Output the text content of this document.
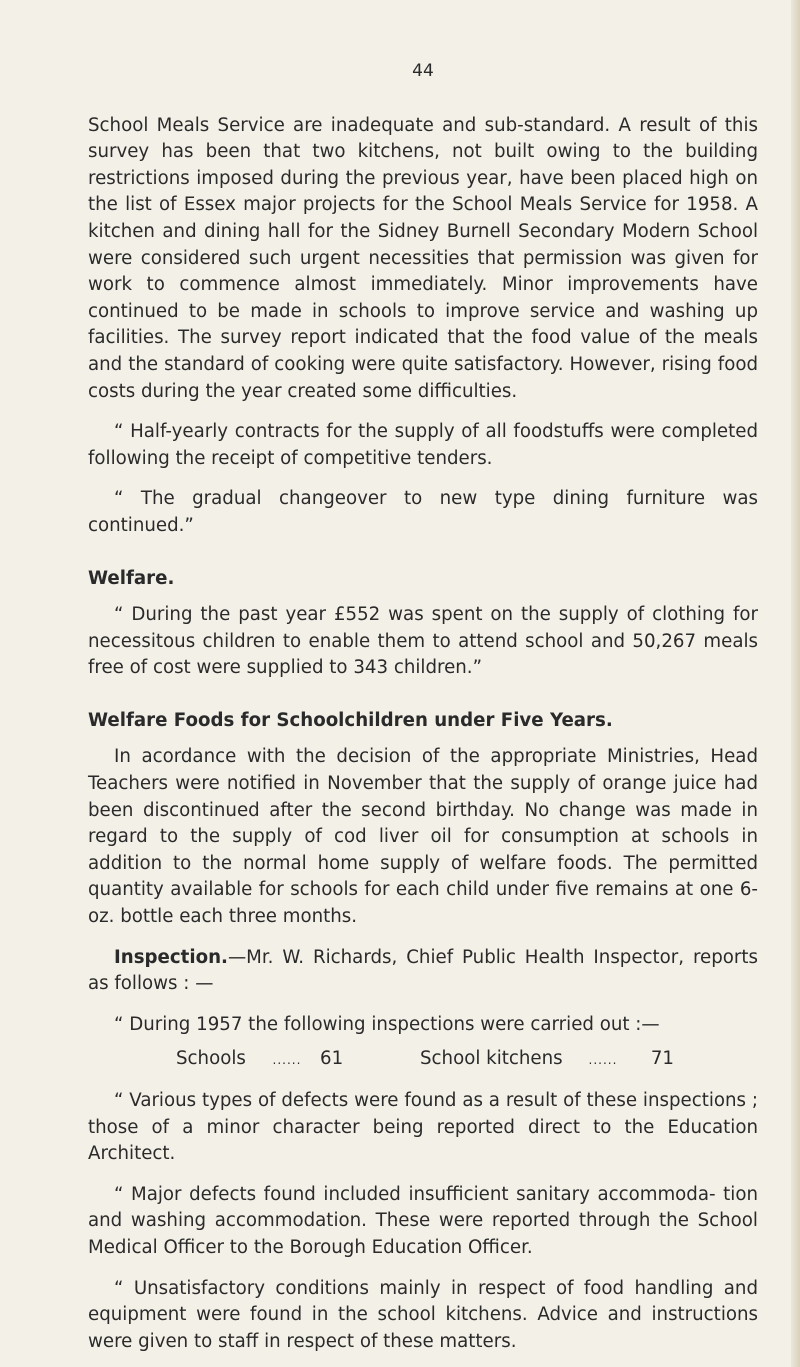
44

School Meals Service are inadequate and sub-standard. A result of this survey has been that two kitchens, not built owing to the building restrictions imposed during the previous year, have been placed high on the list of Essex major projects for the School Meals Service for 1958. A kitchen and dining hall for the Sidney Burnell Secondary Modern School were considered such urgent necessities that permission was given for work to commence almost immediately. Minor improvements have continued to be made in schools to improve service and washing up facilities. The survey report indicated that the food value of the meals and the standard of cooking were quite satisfactory. However, rising food costs during the year created some difficulties.

“ Half-yearly contracts for the supply of all foodstuffs were completed following the receipt of competitive tenders.

“ The gradual changeover to new type dining furniture was continued.”

Welfare.

“ During the past year £552 was spent on the supply of clothing for necessitous children to enable them to attend school and 50,267 meals free of cost were supplied to 343 children.”

Welfare Foods for Schoolchildren under Five Years.

In acordance with the decision of the appropriate Ministries, Head Teachers were notified in November that the supply of orange juice had been discontinued after the second birthday. No change was made in regard to the supply of cod liver oil for consumption at schools in addition to the normal home supply of welfare foods. The permitted quantity available for schools for each child under five remains at one 6-oz. bottle each three months.

Inspection.—Mr. W. Richards, Chief Public Health Inspector, reports as follows : —

“ During 1957 the following inspections were carried out :—

Schools	......	61	School kitchens	......	71

“ Various types of defects were found as a result of these inspections ; those of a minor character being reported direct to the Education Architect.

“ Major defects found included insufficient sanitary accommoda- tion and washing accommodation. These were reported through the School Medical Officer to the Borough Education Officer.

“ Unsatisfactory conditions mainly in respect of food handling and equipment were found in the school kitchens. Advice and instructions were given to staff in respect of these matters.
